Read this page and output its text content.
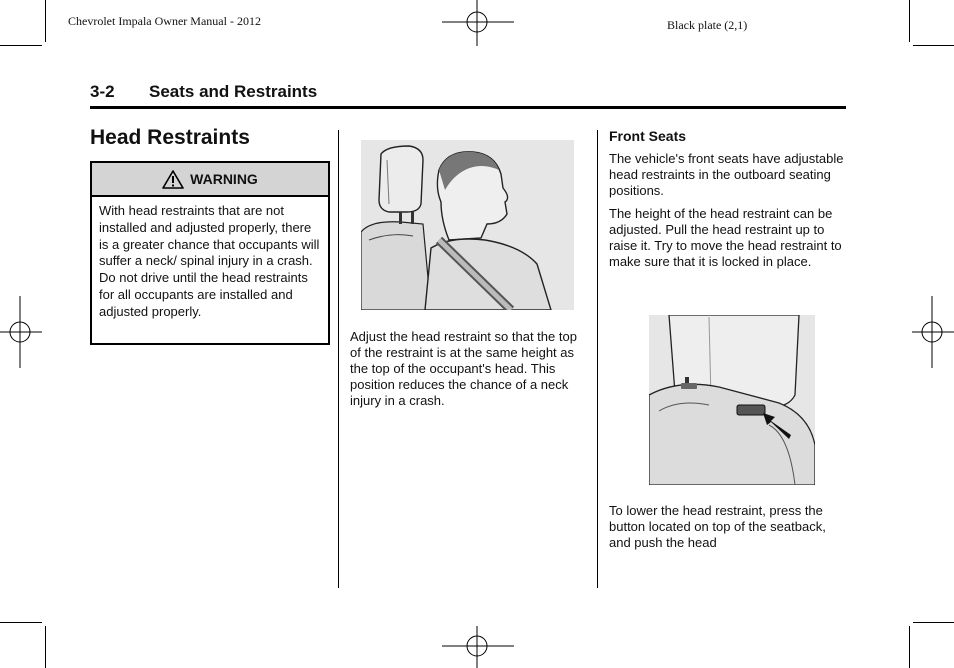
Chevrolet Impala Owner Manual - 2012	Black plate (2,1)
3-2 Seats and Restraints
Head Restraints
WARNING
With head restraints that are not installed and adjusted properly, there is a greater chance that occupants will suffer a neck/ spinal injury in a crash. Do not drive until the head restraints for all occupants are installed and adjusted properly.
Adjust the head restraint so that the top of the restraint is at the same height as the top of the occupant's head. This position reduces the chance of a neck injury in a crash.
Front Seats
The vehicle's front seats have adjustable head restraints in the outboard seating positions.
The height of the head restraint can be adjusted. Pull the head restraint up to raise it. Try to move the head restraint to make sure that it is locked in place.
To lower the head restraint, press the button located on top of the seatback, and push the head
